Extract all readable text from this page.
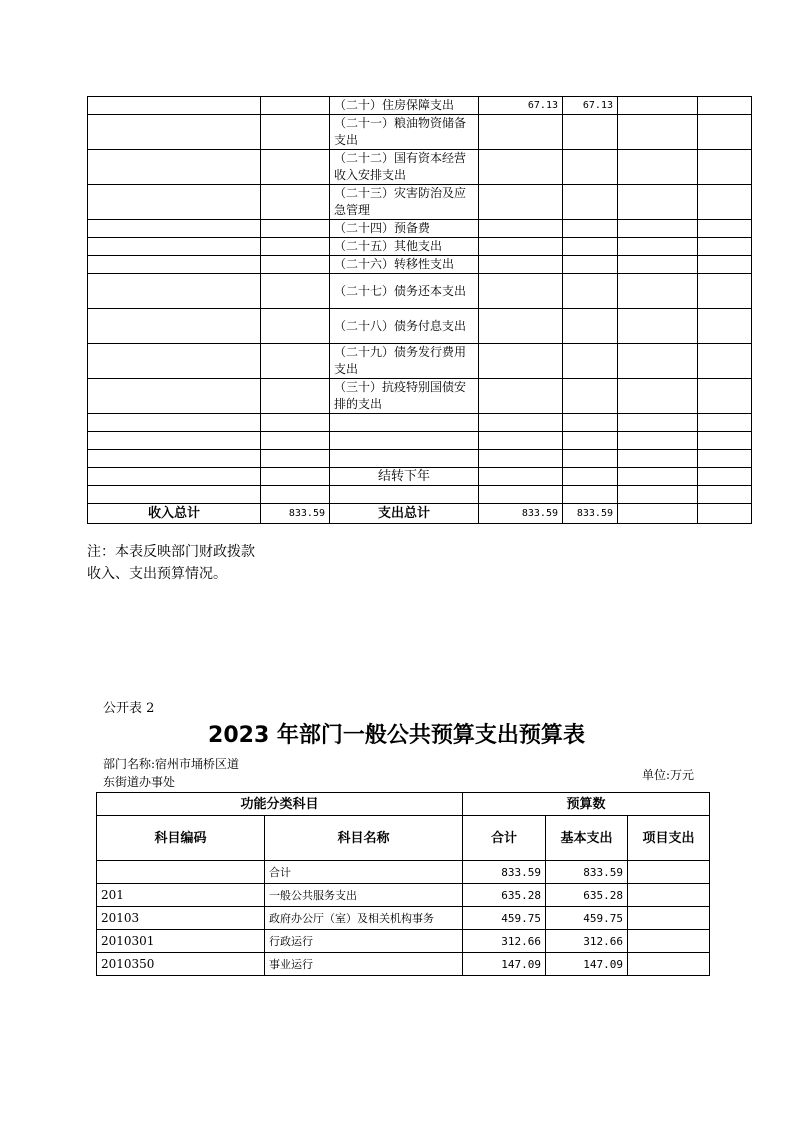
		（二十）住房保障支出	67.13	67.13		
		（二十一）粮油物资储备支出				
		（二十二）国有资本经营收入安排支出				
		（二十三）灾害防治及应急管理				
		（二十四）预备费				
		（二十五）其他支出				
		（二十六）转移性支出				
		（二十七）债务还本支出				
		（二十八）债务付息支出				
		（二十九）债务发行费用支出				
		（三十）抗疫特别国债安排的支出				

		结转下年				

收入总计	833.59	支出总计	833.59	833.59		
注：本表反映部门财政拨款收入、支出预算情况。
公开表 2
2023 年部门一般公共预算支出预算表
部门名称:宿州市埇桥区道
东街道办事处	单位:万元
功能分类科目		预算数		
科目编码	科目名称	合计	基本支出	项目支出
	合计	833.59	833.59	
201	一般公共服务支出	635.28	635.28	
20103	政府办公厅（室）及相关机构事务	459.75	459.75	
2010301	行政运行	312.66	312.66	
2010350	事业运行	147.09	147.09	
